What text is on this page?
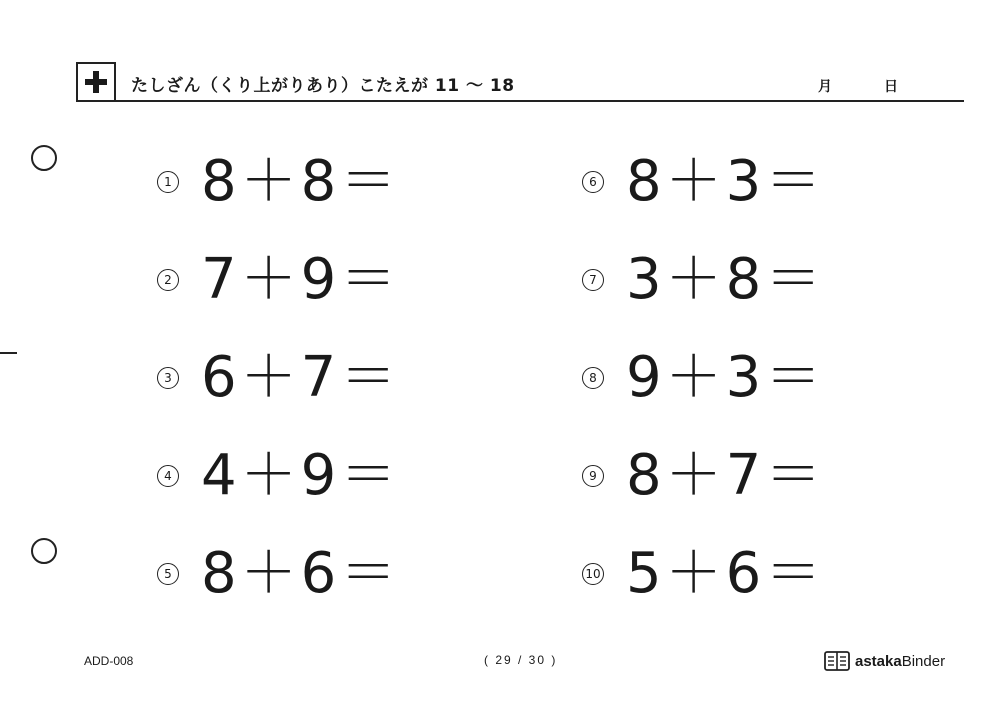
たしざん（くり上がりあり）こたえが 11 〜 18	月	日
1 8＋8＝
2 7＋9＝
3 6＋7＝
4 4＋9＝
5 8＋6＝
6 8＋3＝
7 3＋8＝
8 9＋3＝
9 8＋7＝
10 5＋6＝
ADD-008	( 29 / 30 )	astaka Binder
